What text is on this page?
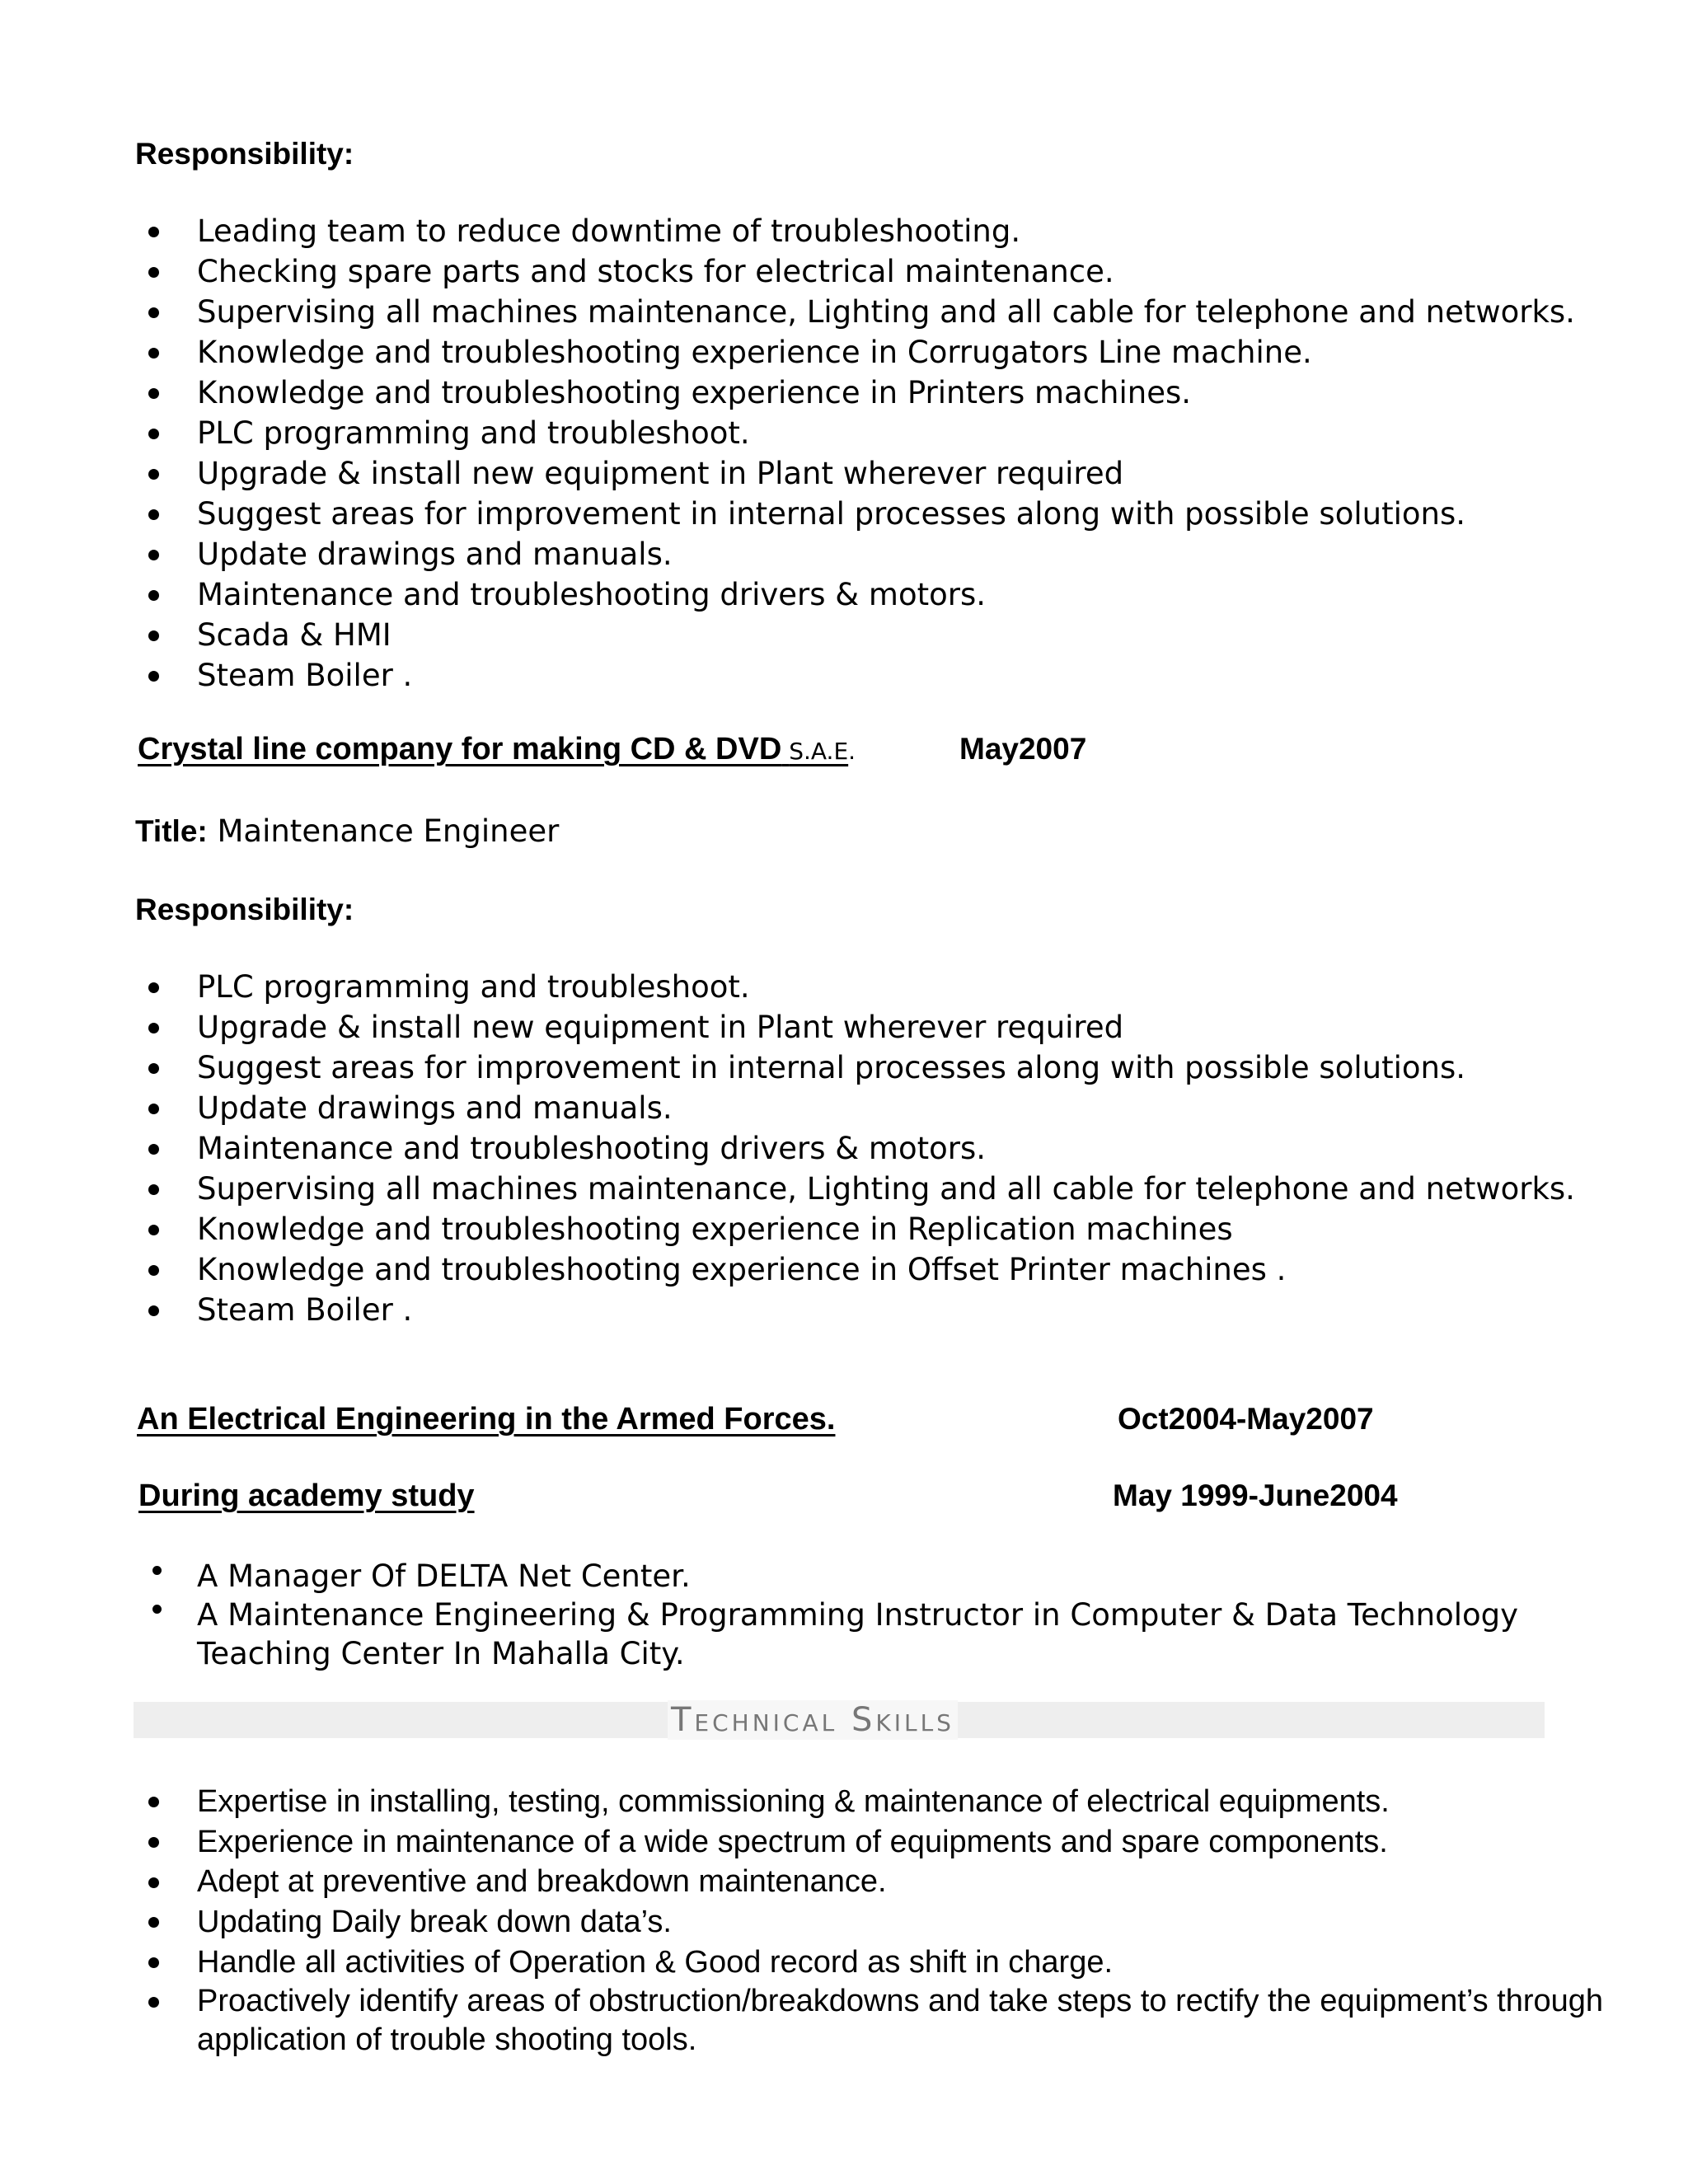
Responsibility:
Leading team to reduce downtime of troubleshooting.
Checking spare parts and stocks for electrical maintenance.
Supervising all machines maintenance, Lighting and all cable for telephone and networks.
Knowledge and troubleshooting experience in Corrugators Line machine.
Knowledge and troubleshooting experience in Printers machines.
PLC programming and troubleshoot.
Upgrade & install new equipment in Plant wherever required
Suggest areas for improvement in internal processes along with possible solutions.
Update drawings and manuals.
Maintenance and troubleshooting drivers & motors.
Scada & HMI
Steam Boiler .
Crystal line company for making CD & DVD S.A.E.	May2007
Title: Maintenance Engineer
Responsibility:
PLC programming and troubleshoot.
Upgrade & install new equipment in Plant wherever required
Suggest areas for improvement in internal processes along with possible solutions.
Update drawings and manuals.
Maintenance and troubleshooting drivers & motors.
Supervising all machines maintenance, Lighting and all cable for telephone and networks.
Knowledge and troubleshooting experience in Replication machines
Knowledge and troubleshooting experience in Offset Printer machines .
Steam Boiler .
An Electrical Engineering in the Armed Forces.	Oct2004-May2007
During academy study	May 1999-June2004
A Manager Of DELTA Net Center.
A Maintenance Engineering & Programming Instructor in Computer & Data Technology Teaching Center In Mahalla City.
Technical Skills
Expertise in installing, testing, commissioning & maintenance of electrical equipments.
Experience in maintenance of a wide spectrum of equipments and spare components.
Adept at preventive and breakdown maintenance.
Updating Daily break down data’s.
Handle all activities of Operation & Good record as shift in charge.
Proactively identify areas of obstruction/breakdowns and take steps to rectify the equipment’s through application of trouble shooting tools.
